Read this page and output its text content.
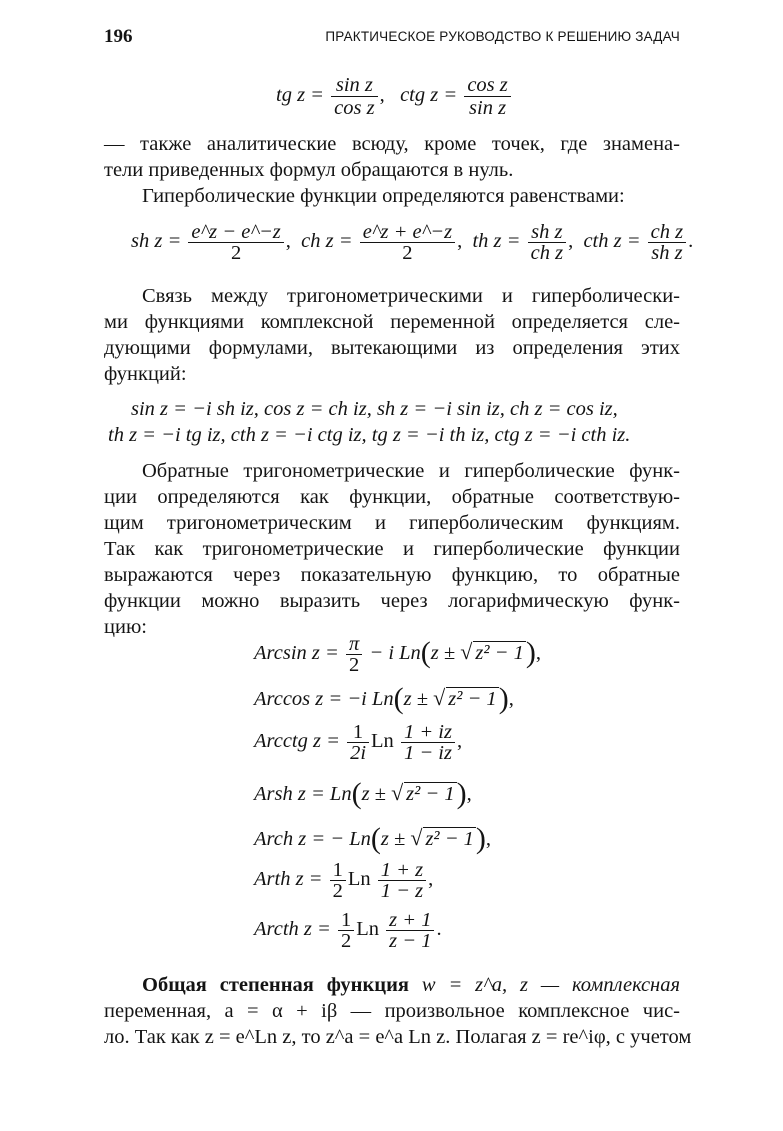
196	ПРАКТИЧЕСКОЕ РУКОВОДСТВО К РЕШЕНИЮ ЗАДАЧ
tg $z = \frac{\text{sin z}}{\text{cos z}}$ , ctg $z = \frac{\text{cos z}}{\text{sin z}}$
— также аналитические всюду, кроме точек, где знамена-
тели приведенных формул обращаются в нуль.
Гиперболические функции определяются равенствами:
sh $z = \frac{e\^{}z - e\^{}-z}{2}$ ,  ch $z = \frac{e\^{}z + e\^{}-z}{2}$ ,  th $z = \frac{\text{sh z}}{\text{ch z}}$ ,  cth $z = \frac{\text{ch z}}{\text{sh z}}$ .
Связь между тригонометрическими и гиперболически-
ми функциями комплексной переменной определяется сле-
дующими формулами, вытекающими из определения этих
функций:
sin z = −i sh iz, cos z = ch iz, sh z = −i sin iz, ch z = cos iz,
th z = −i tg iz, cth z = −i ctg iz, tg z = −i th iz, ctg z = −i cth iz.
Обратные тригонометрические и гиперболические функ-
ции определяются как функции, обратные соответствую-
щим тригонометрическим и гиперболическим функциям.
Так как тригонометрические и гиперболические функции
выражаются через показательную функцию, то обратные
функции можно выразить через логарифмическую функ-
цию:
Arcsin $z = \frac{\pi}{2} - i$ Ln(z ± √ z² − 1),
Arccos z = −i Ln(z ± √ z² − 1),
Arcctg $z = \frac{1}{2i}$ Ln $\frac{1 + iz}{1 - iz}$ ,
Arsh z = Ln(z ± √ z² − 1),
Arch z = − Ln(z ± √ z² − 1),
Arth $z = \frac{1}{2}$ Ln $\frac{1 + z}{1 - z}$ ,
Arcth $z = \frac{1}{2}$ Ln $\frac{z + 1}{z - 1}$ .
Общая степенная функция w = z^a, z — комплексная
переменная, a = α + iβ — произвольное комплексное чис-
ло. Так как z = e^Ln z, то z^a = e^a Ln z. Полагая z = re^iφ, с учетом
